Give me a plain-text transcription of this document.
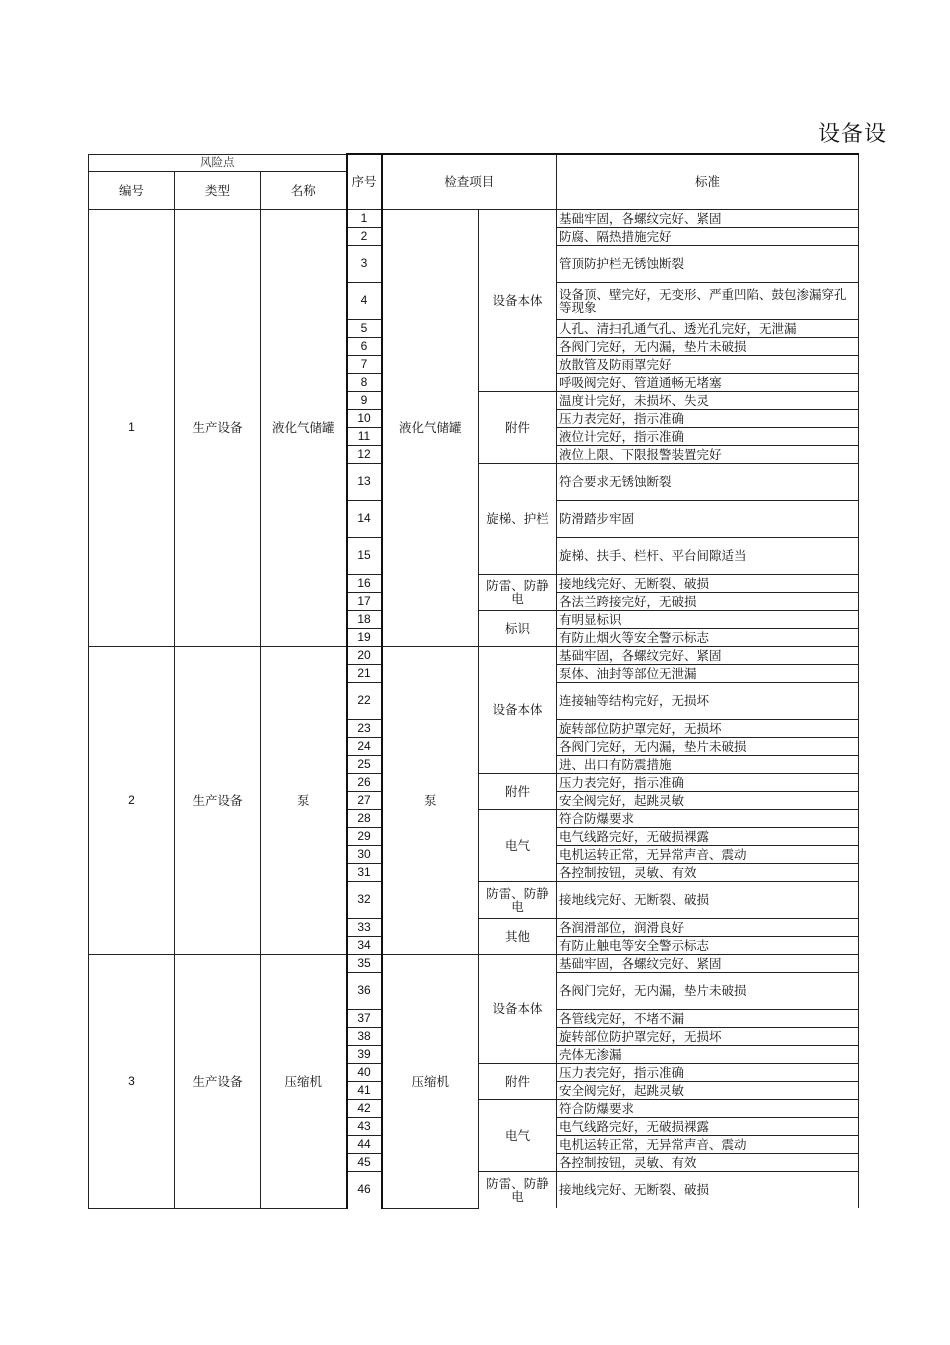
设备设
风险点			序号	检查项目		标准
编号	类型	名称				
1	生产设备	液化气储罐	1	液化气储罐	设备本体	基础牢固，各螺纹完好、紧固
			2			防腐、隔热措施完好
			3			管顶防护栏无锈蚀断裂
			4			设备顶、壁完好，无变形、严重凹陷、鼓包渗漏穿孔等现象
			5			人孔、清扫孔通气孔、透光孔完好，无泄漏
			6			各阀门完好，无内漏，垫片未破损
			7			放散管及防雨罩完好
			8			呼吸阀完好、管道通畅无堵塞
			9		附件	温度计完好，未损坏、失灵
			10			压力表完好，指示准确
			11			液位计完好，指示准确
			12			液位上限、下限报警装置完好
			13		旋梯、护栏	符合要求无锈蚀断裂
			14			防滑踏步牢固
			15			旋梯、扶手、栏杆、平台间隙适当
			16		防雷、防静电	接地线完好、无断裂、破损
			17			各法兰跨接完好，无破损
			18		标识	有明显标识
			19			有防止烟火等安全警示标志
2	生产设备	泵	20	泵	设备本体	基础牢固，各螺纹完好、紧固
			21			泵体、油封等部位无泄漏
			22			连接轴等结构完好，无损坏
			23			旋转部位防护罩完好，无损坏
			24			各阀门完好，无内漏，垫片未破损
			25			进、出口有防震措施
			26		附件	压力表完好，指示准确
			27			安全阀完好，起跳灵敏
			28		电气	符合防爆要求
			29			电气线路完好，无破损裸露
			30			电机运转正常，无异常声音、震动
			31			各控制按钮，灵敏、有效
			32		防雷、防静电	接地线完好、无断裂、破损
			33		其他	各润滑部位，润滑良好
			34			有防止触电等安全警示标志
3	生产设备	压缩机	35	压缩机	设备本体	基础牢固，各螺纹完好、紧固
			36			各阀门完好，无内漏，垫片未破损
			37			各管线完好，不堵不漏
			38			旋转部位防护罩完好，无损坏
			39			壳体无渗漏
			40		附件	压力表完好，指示准确
			41			安全阀完好，起跳灵敏
			42		电气	符合防爆要求
			43			电气线路完好，无破损裸露
			44			电机运转正常，无异常声音、震动
			45			各控制按钮，灵敏、有效
			46		防雷、防静电	接地线完好、无断裂、破损
